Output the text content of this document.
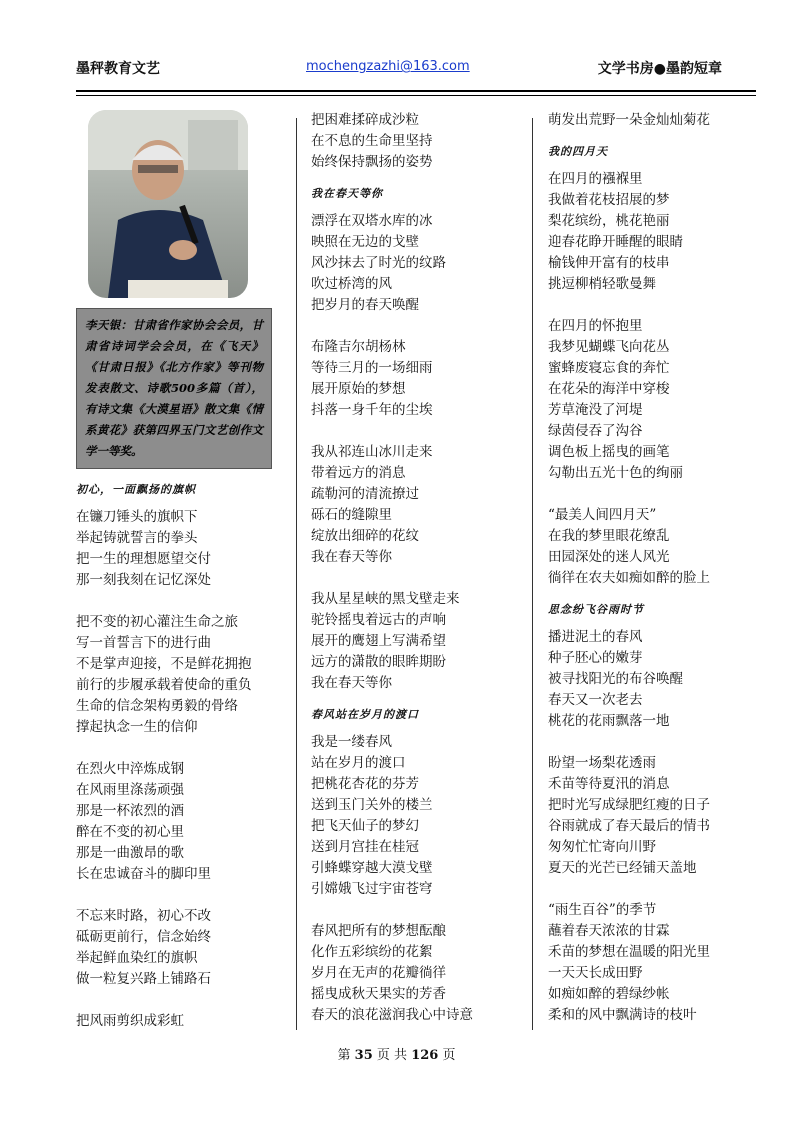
墨秤教育文艺	mochengzazhi@163.com	文学书房●墨韵短章
李天银：甘肃省作家协会会员，甘肃省诗词学会会员，在《飞天》《甘肃日报》《北方作家》等刊物发表散文、诗歌500多篇（首），有诗文集《大漠星语》散文集《情系黄花》获第四界玉门文艺创作文学一等奖。
初心，一面飘扬的旗帜
在镰刀锤头的旗帜下
举起铸就誓言的拳头
把一生的理想愿望交付
那一刻我刻在记忆深处
把不变的初心灌注生命之旅
写一首誓言下的进行曲
不是掌声迎接，不是鲜花拥抱
前行的步履承载着使命的重负
生命的信念架构勇毅的骨络
撑起执念一生的信仰
在烈火中淬炼成钢
在风雨里涤荡顽强
那是一杯浓烈的酒
醉在不变的初心里
那是一曲激昂的歌
长在忠诚奋斗的脚印里
不忘来时路，初心不改
砥砺更前行，信念始终
举起鲜血染红的旗帜
做一粒复兴路上铺路石
把风雨剪织成彩虹
把困难揉碎成沙粒
在不息的生命里坚持
始终保持飘扬的姿势
我在春天等你
漂浮在双塔水库的冰
映照在无边的戈壁
风沙抹去了时光的纹路
吹过桥湾的风
把岁月的春天唤醒
布隆吉尔胡杨林
等待三月的一场细雨
展开原始的梦想
抖落一身千年的尘埃
我从祁连山冰川走来
带着远方的消息
疏勒河的清流撩过
砾石的缝隙里
绽放出细碎的花纹
我在春天等你
我从星星峡的黑戈壁走来
驼铃摇曳着远古的声响
展开的鹰翅上写满希望
远方的潇散的眼眸期盼
我在春天等你
春风站在岁月的渡口
我是一缕春风
站在岁月的渡口
把桃花杏花的芬芳
送到玉门关外的楼兰
把飞天仙子的梦幻
送到月宫挂在桂冠
引蜂蝶穿越大漠戈壁
引嫦娥飞过宇宙苍穹
春风把所有的梦想酝酿
化作五彩缤纷的花絮
岁月在无声的花瓣徜徉
摇曳成秋天果实的芳香
春天的浪花滋润我心中诗意
萌发出荒野一朵金灿灿菊花
我的四月天
在四月的襁褓里
我做着花枝招展的梦
梨花缤纷，桃花艳丽
迎春花睁开睡醒的眼睛
榆钱伸开富有的枝串
挑逗柳梢轻歌曼舞
在四月的怀抱里
我梦见蝴蝶飞向花丛
蜜蜂废寝忘食的奔忙
在花朵的海洋中穿梭
芳草淹没了河堤
绿茵侵吞了沟谷
调色板上摇曳的画笔
勾勒出五光十色的绚丽
“最美人间四月天”
在我的梦里眼花缭乱
田园深处的迷人风光
徜徉在农夫如痴如醉的脸上
思念纷飞谷雨时节
播进泥土的春风
种子胚心的嫩芽
被寻找阳光的布谷唤醒
春天又一次老去
桃花的花雨飘落一地
盼望一场梨花透雨
禾苗等待夏汛的消息
把时光写成绿肥红瘦的日子
谷雨就成了春天最后的情书
匆匆忙忙寄向川野
夏天的光芒已经铺天盖地
“雨生百谷”的季节
蘸着春天浓浓的甘霖
禾苗的梦想在温暖的阳光里
一天天长成田野
如痴如醉的碧绿纱帐
柔和的风中飘满诗的枝叶
第 35 页 共 126 页
